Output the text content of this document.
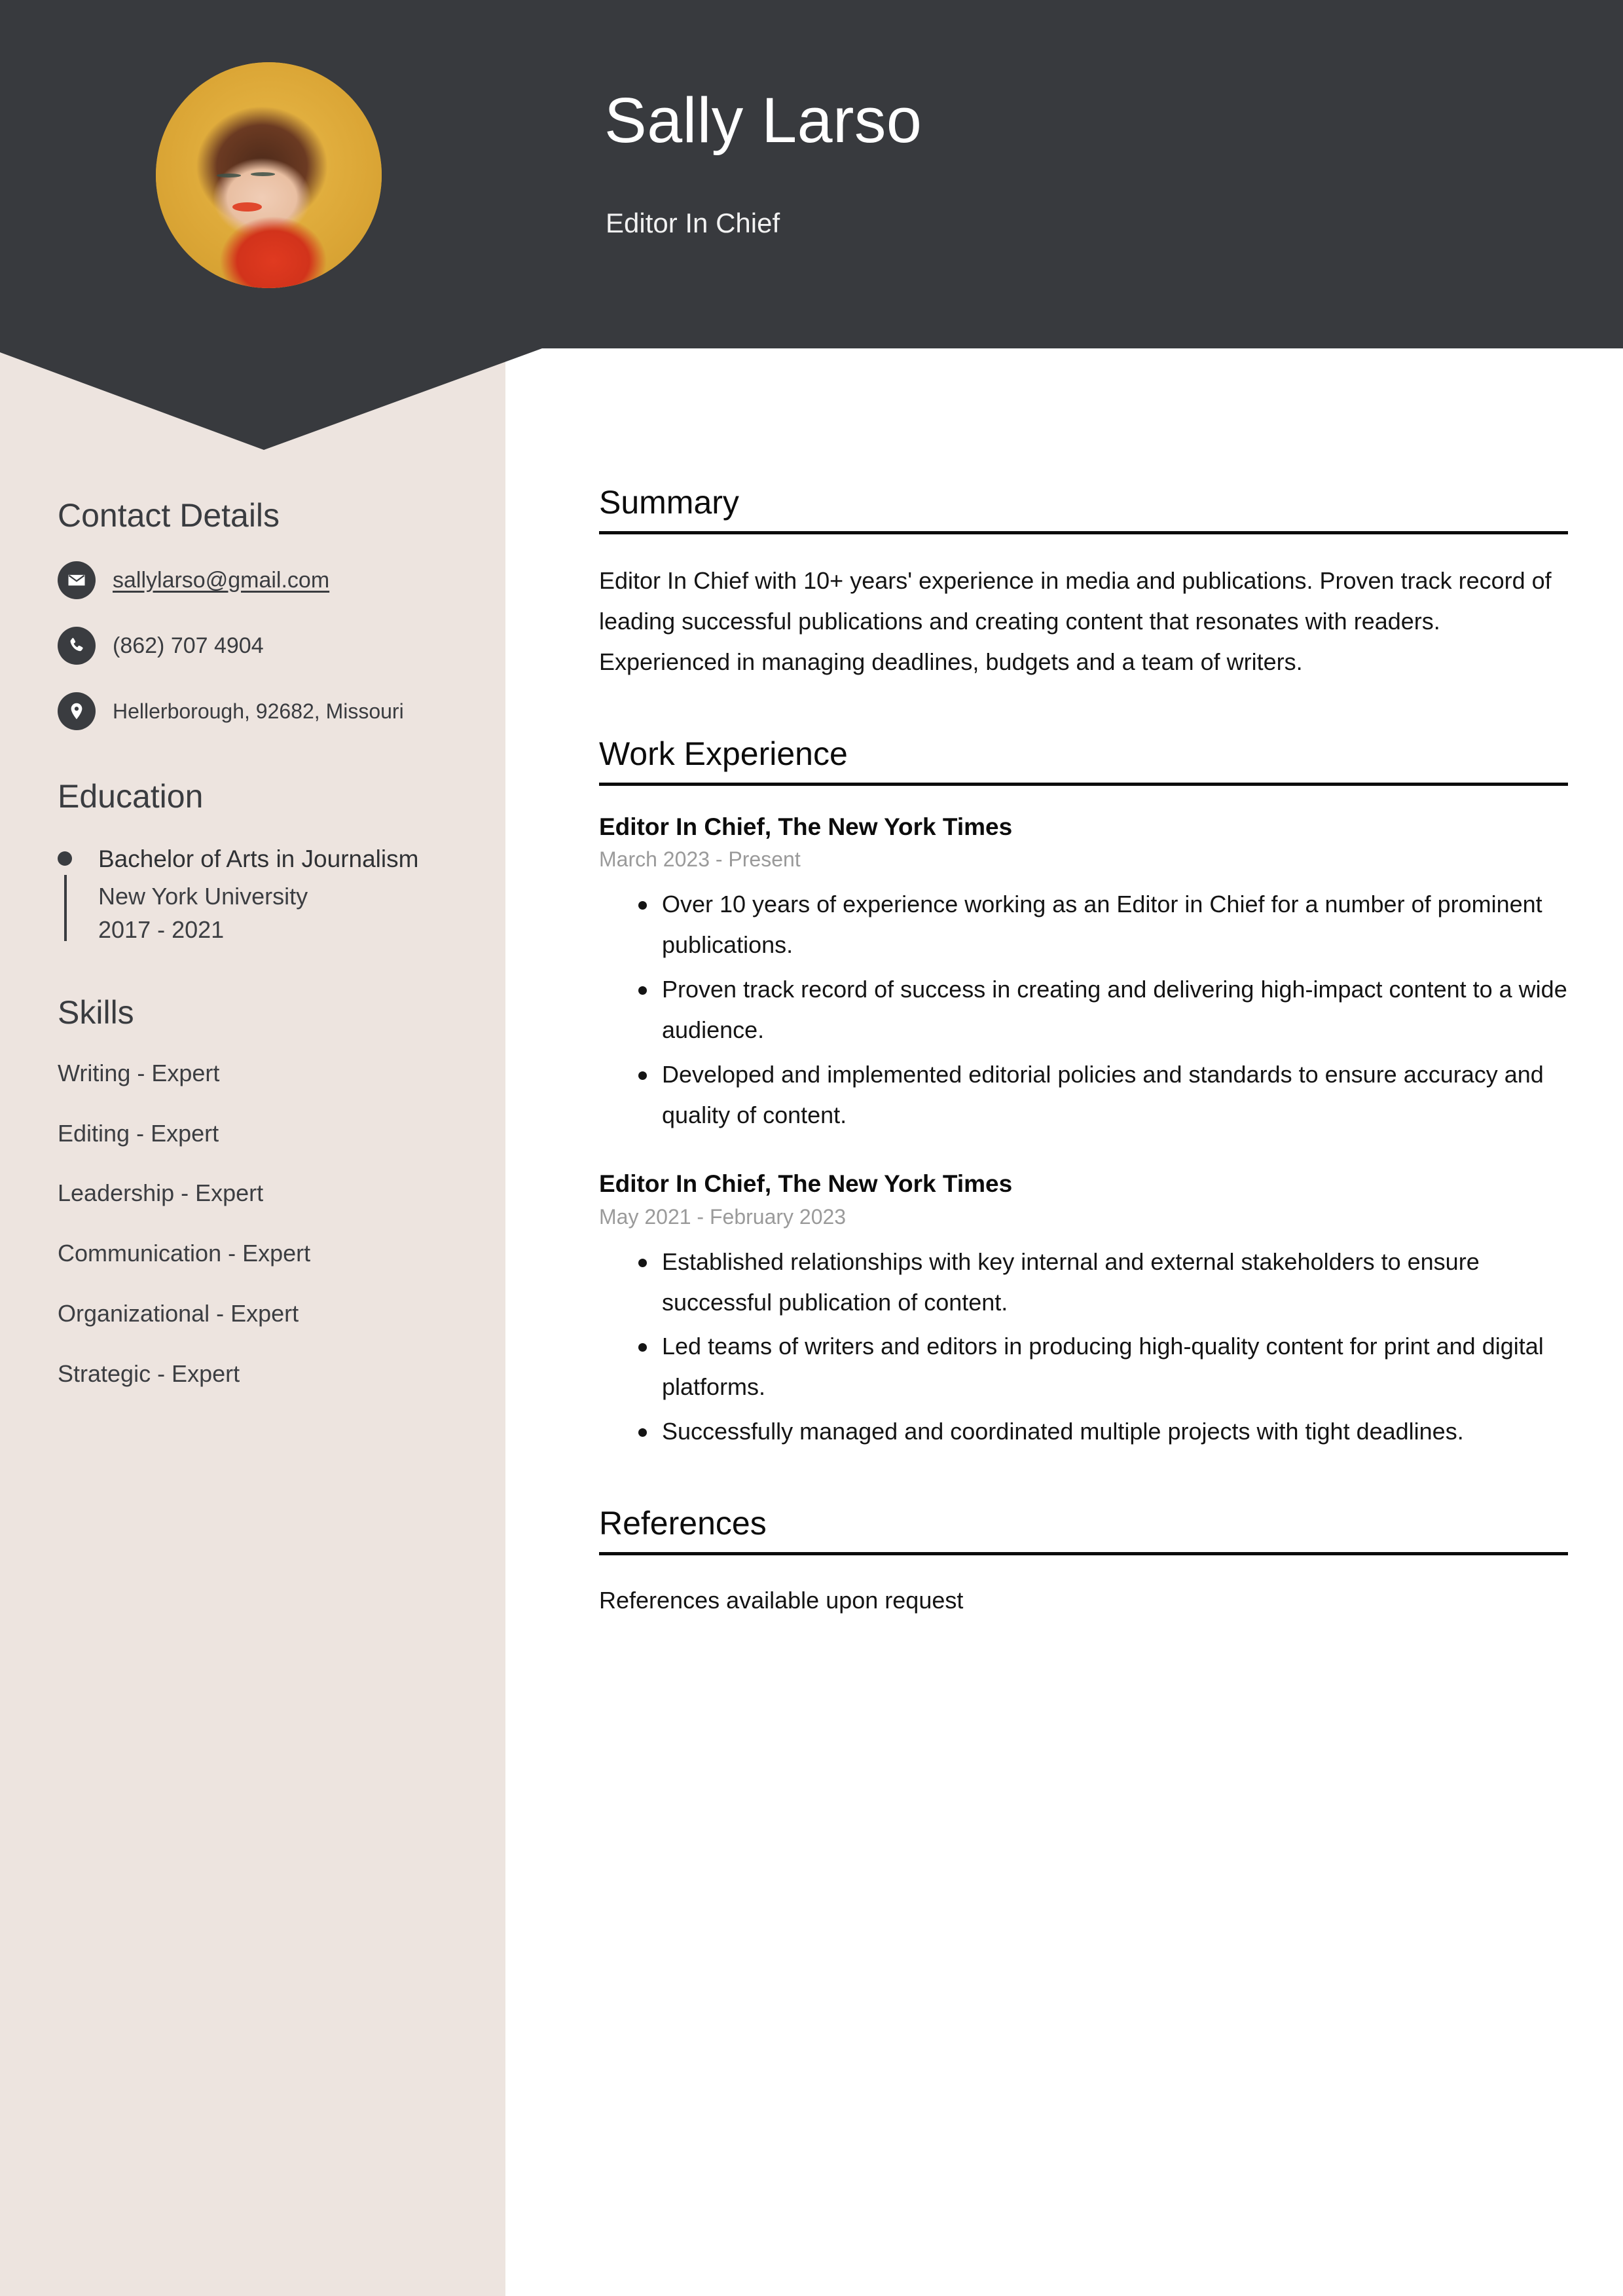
Sally Larso
Editor In Chief
Contact Details
sallylarso@gmail.com
(862) 707 4904
Hellerborough, 92682, Missouri
Education

Bachelor of Arts in Journalism

New York University

2017 - 2021

Skills
Writing - Expert
Editing - Expert
Leadership - Expert
Communication - Expert
Organizational - Expert
Strategic - Expert
Summary

Editor In Chief with 10+ years' experience in media and publications. Proven track record of leading successful publications and creating content that resonates with readers. Experienced in managing deadlines, budgets and a team of writers.

Work Experience

Editor In Chief, The New York Times

March 2023 - Present

Over 10 years of experience working as an Editor in Chief for a number of prominent publications.
Proven track record of success in creating and delivering high-impact content to a wide audience.
Developed and implemented editorial policies and standards to ensure accuracy and quality of content.

Editor In Chief, The New York Times

May 2021 - February 2023

Established relationships with key internal and external stakeholders to ensure successful publication of content.
Led teams of writers and editors in producing high-quality content for print and digital platforms.
Successfully managed and coordinated multiple projects with tight deadlines.
References

References available upon request
